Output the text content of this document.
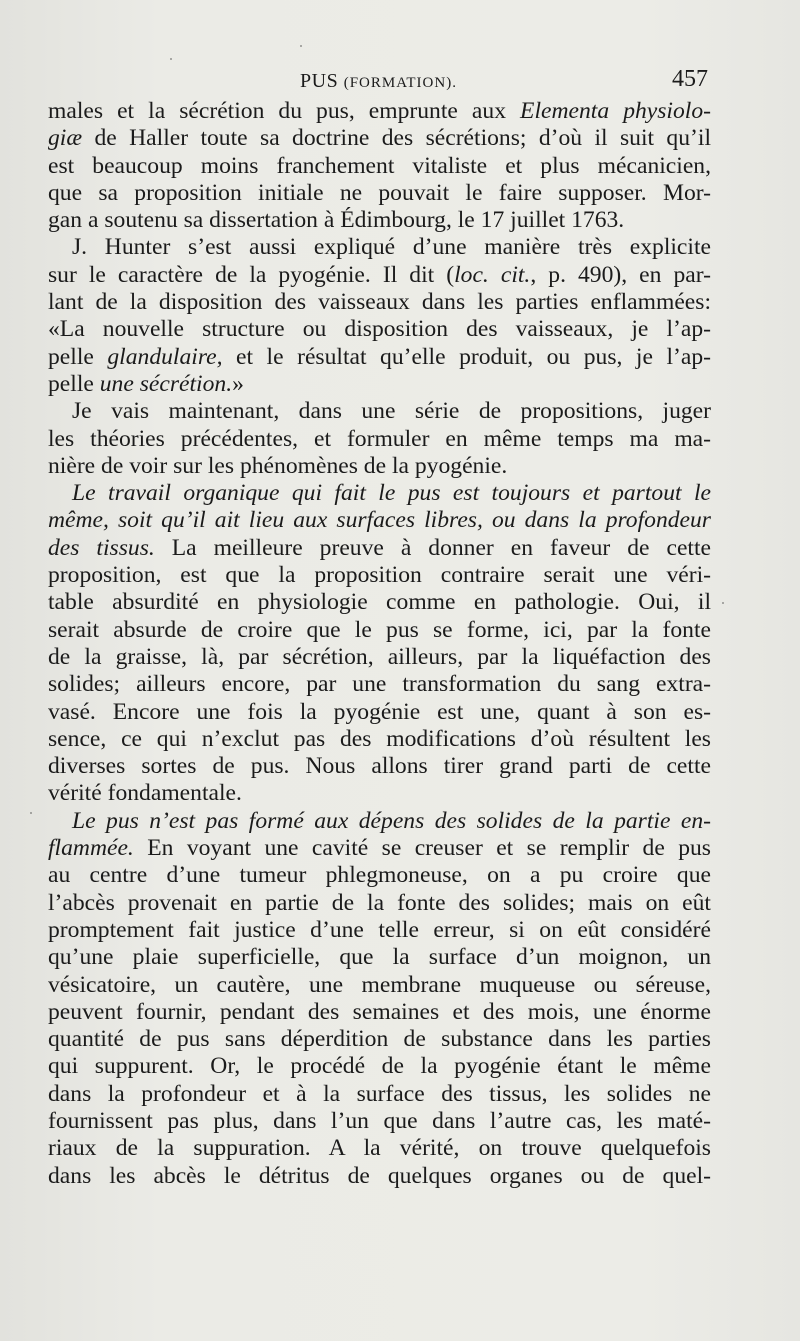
PUS (FORMATION).	457
males et la sécrétion du pus, emprunte aux Elementa physiolo-
giæ de Haller toute sa doctrine des sécrétions; d’où il suit qu’il
est beaucoup moins franchement vitaliste et plus mécanicien,
que sa proposition initiale ne pouvait le faire supposer. Mor-
gan a soutenu sa dissertation à Édimbourg, le 17 juillet 1763.
J. Hunter s’est aussi expliqué d’une manière très explicite
sur le caractère de la pyogénie. Il dit (loc. cit., p. 490), en par-
lant de la disposition des vaisseaux dans les parties enflammées:
«La nouvelle structure ou disposition des vaisseaux, je l’ap-
pelle glandulaire, et le résultat qu’elle produit, ou pus, je l’ap-
pelle une sécrétion.»
Je vais maintenant, dans une série de propositions, juger
les théories précédentes, et formuler en même temps ma ma-
nière de voir sur les phénomènes de la pyogénie.
Le travail organique qui fait le pus est toujours et partout le
même, soit qu’il ait lieu aux surfaces libres, ou dans la profondeur
des tissus. La meilleure preuve à donner en faveur de cette
proposition, est que la proposition contraire serait une véri-
table absurdité en physiologie comme en pathologie. Oui, il
serait absurde de croire que le pus se forme, ici, par la fonte
de la graisse, là, par sécrétion, ailleurs, par la liquéfaction des
solides; ailleurs encore, par une transformation du sang extra-
vasé. Encore une fois la pyogénie est une, quant à son es-
sence, ce qui n’exclut pas des modifications d’où résultent les
diverses sortes de pus. Nous allons tirer grand parti de cette
vérité fondamentale.
Le pus n’est pas formé aux dépens des solides de la partie en-
flammée. En voyant une cavité se creuser et se remplir de pus
au centre d’une tumeur phlegmoneuse, on a pu croire que
l’abcès provenait en partie de la fonte des solides; mais on eût
promptement fait justice d’une telle erreur, si on eût considéré
qu’une plaie superficielle, que la surface d’un moignon, un
vésicatoire, un cautère, une membrane muqueuse ou séreuse,
peuvent fournir, pendant des semaines et des mois, une énorme
quantité de pus sans déperdition de substance dans les parties
qui suppurent. Or, le procédé de la pyogénie étant le même
dans la profondeur et à la surface des tissus, les solides ne
fournissent pas plus, dans l’un que dans l’autre cas, les maté-
riaux de la suppuration. A la vérité, on trouve quelquefois
dans les abcès le détritus de quelques organes ou de quel-
